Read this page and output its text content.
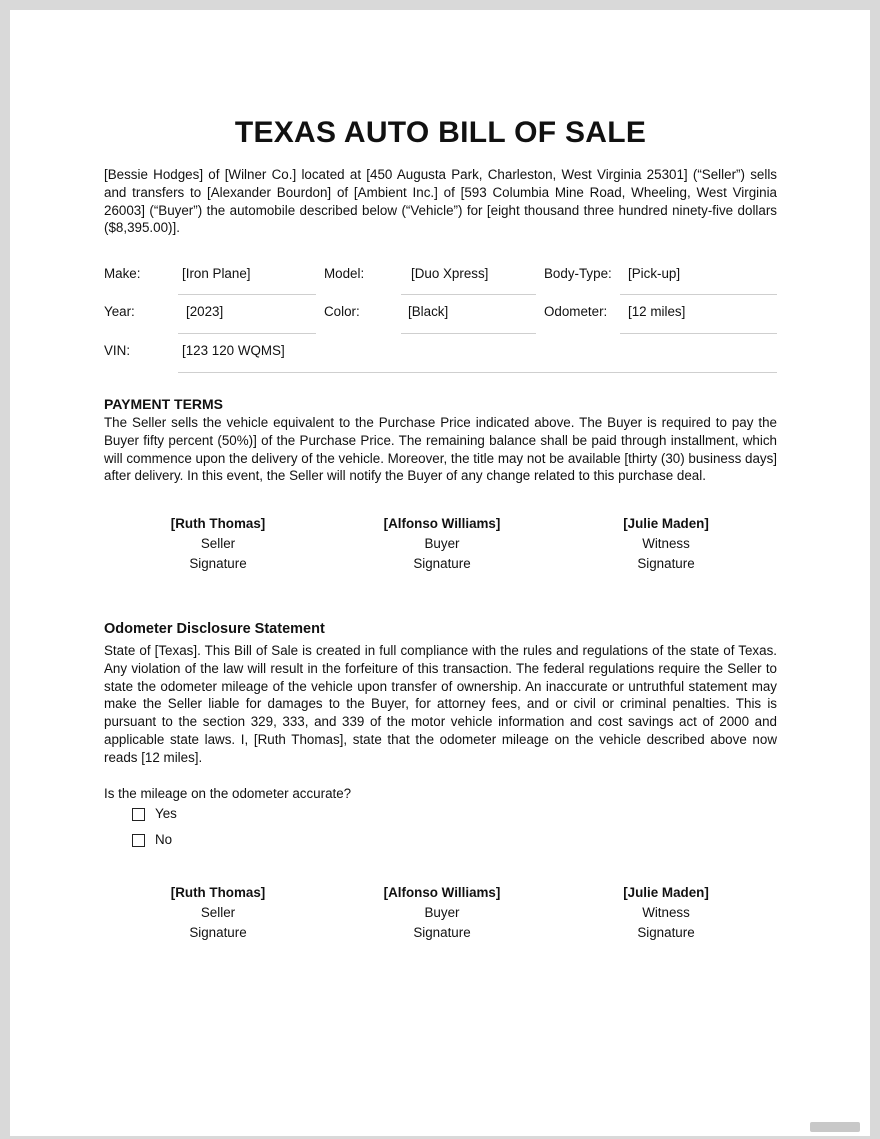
TEXAS AUTO BILL OF SALE
[Bessie Hodges] of [Wilner Co.] located at [450 Augusta Park, Charleston, West Virginia 25301] (“Seller”) sells and transfers to [Alexander Bourdon] of [Ambient Inc.] of [593 Columbia Mine Road, Wheeling, West Virginia 26003] (“Buyer”) the automobile described below (“Vehicle”) for [eight thousand three hundred ninety-five dollars ($8,395.00)].
Make:	[Iron Plane]	Model:	[Duo Xpress]	Body-Type: [Pick-up]
Year:	[2023]	Color:	[Black]	Odometer: [12 miles]
VIN:	[123 120 WQMS]
PAYMENT TERMS
The Seller sells the vehicle equivalent to the Purchase Price indicated above. The Buyer is required to pay the Buyer fifty percent (50%)] of the Purchase Price. The remaining balance shall be paid through installment, which will commence upon the delivery of the vehicle. Moreover, the title may not be available [thirty (30) business days] after delivery. In this event, the Seller will notify the Buyer of any change related to this purchase deal.
[Ruth Thomas]
Seller
Signature
[Alfonso Williams]
Buyer
Signature
[Julie Maden]
Witness
Signature
Odometer Disclosure Statement
State of [Texas]. This Bill of Sale is created in full compliance with the rules and regulations of the state of Texas. Any violation of the law will result in the forfeiture of this transaction. The federal regulations require the Seller to state the odometer mileage of the vehicle upon transfer of ownership. An inaccurate or untruthful statement may make the Seller liable for damages to the Buyer, for attorney fees, and or civil or criminal penalties. This is pursuant to the section 329, 333, and 339 of the motor vehicle information and cost savings act of 2000 and applicable state laws. I, [Ruth Thomas], state that the odometer mileage on the vehicle described above now reads [12 miles].
Is the mileage on the odometer accurate?
Yes
No
[Ruth Thomas]
Seller
Signature
[Alfonso Williams]
Buyer
Signature
[Julie Maden]
Witness
Signature
